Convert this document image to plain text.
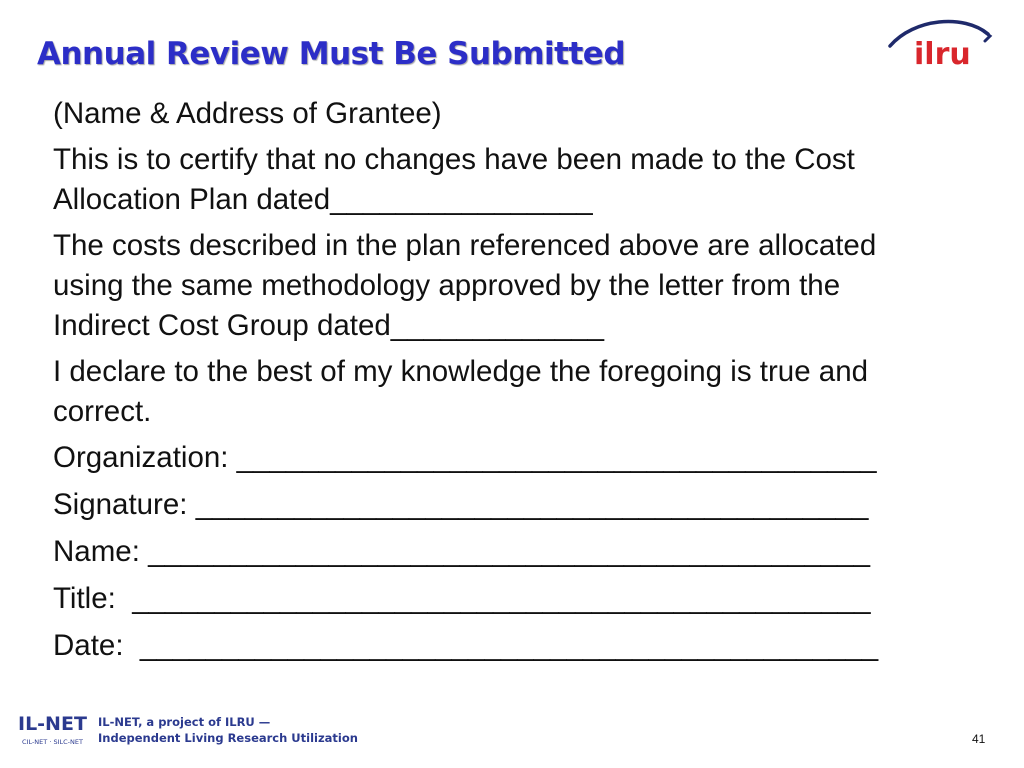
Annual Review Must Be Submitted	ilru

(Name & Address of Grantee)

This is to certify that no changes have been made to the Cost
Allocation Plan dated________________

The costs described in the plan referenced above are allocated
using the same methodology approved by the letter from the
Indirect Cost Group dated_____________

I declare to the best of my knowledge the foregoing is true and
correct.

Organization: _______________________________________
Signature: _________________________________________
Name: ____________________________________________
Title:  _____________________________________________
Date:  _____________________________________________
IL-NET
CIL-NET · SILC-NET
IL-NET, a project of ILRU —
Independent Living Research Utilization	41
